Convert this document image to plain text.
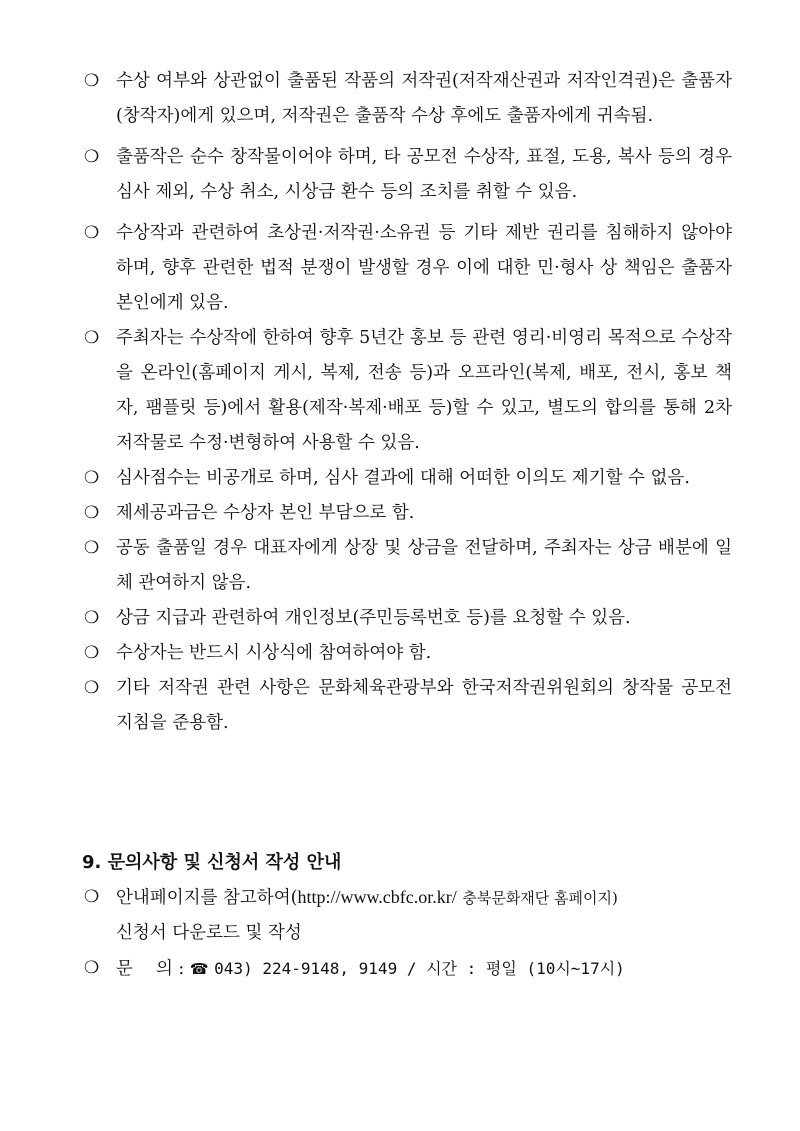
❍ 수상 여부와 상관없이 출품된 작품의 저작권(저작재산권과 저작인격권)은 출품자(창작자)에게 있으며, 저작권은 출품작 수상 후에도 출품자에게 귀속됨.
❍ 출품작은 순수 창작물이어야 하며, 타 공모전 수상작, 표절, 도용, 복사 등의 경우 심사 제외, 수상 취소, 시상금 환수 등의 조치를 취할 수 있음.
❍ 수상작과 관련하여 초상권·저작권·소유권 등 기타 제반 권리를 침해하지 않아야 하며, 향후 관련한 법적 분쟁이 발생할 경우 이에 대한 민·형사 상 책임은 출품자 본인에게 있음.
❍ 주최자는 수상작에 한하여 향후 5년간 홍보 등 관련 영리·비영리 목적으로 수상작을 온라인(홈페이지 게시, 복제, 전송 등)과 오프라인(복제, 배포, 전시, 홍보 책자, 팸플릿 등)에서 활용(제작·복제·배포 등)할 수 있고, 별도의 합의를 통해 2차 저작물로 수정·변형하여 사용할 수 있음.
❍ 심사점수는 비공개로 하며, 심사 결과에 대해 어떠한 이의도 제기할 수 없음.
❍ 제세공과금은 수상자 본인 부담으로 함.
❍ 공동 출품일 경우 대표자에게 상장 및 상금을 전달하며, 주최자는 상금 배분에 일체 관여하지 않음.
❍ 상금 지급과 관련하여 개인정보(주민등록번호 등)를 요청할 수 있음.
❍ 수상자는 반드시 시상식에 참여하여야 함.
❍ 기타 저작권 관련 사항은 문화체육관광부와 한국저작권위원회의 창작물 공모전 지침을 준용함.
9. 문의사항 및 신청서 작성 안내
❍ 안내페이지를 참고하여(http://www.cbfc.or.kr/ 충북문화재단 홈페이지)
신청서 다운로드 및 작성
❍ 문　 의 : ☎ 043) 224-9148, 9149 / 시간 : 평일 (10시~17시)
